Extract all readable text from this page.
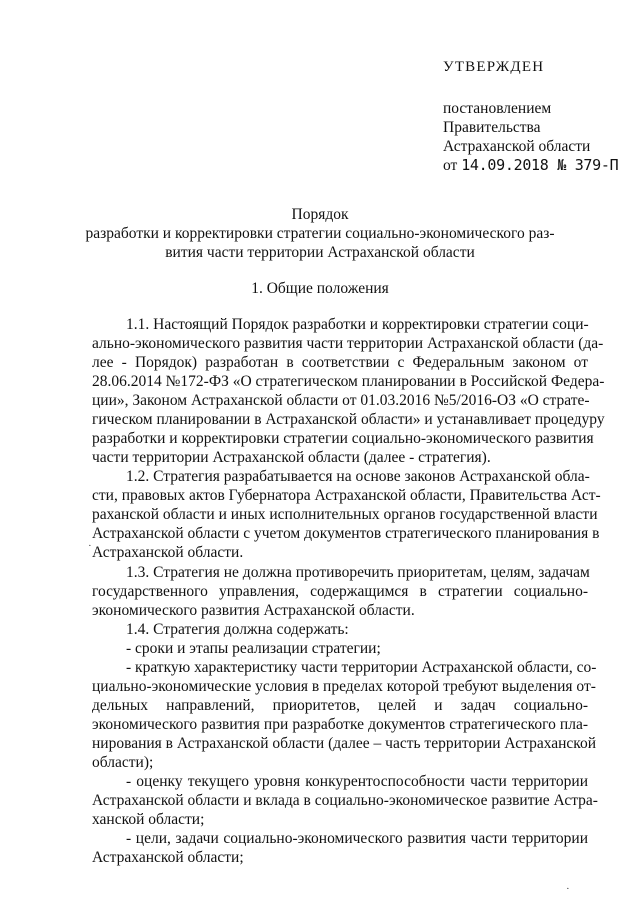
УТВЕРЖДЕН
постановлением
Правительства
Астраханской области
от 14.09.2018 № 379-П
Порядок
разработки и корректировки стратегии социально-экономического раз-
вития части территории Астраханской области
1. Общие положения
1.1. Настоящий Порядок разработки и корректировки стратегии соци-
ально-экономического развития части территории Астраханской области (да-
лее - Порядок) разработан в соответствии с Федеральным законом от
28.06.2014 №172-ФЗ «О стратегическом планировании в Российской Федера-
ции», Законом Астраханской области от 01.03.2016 №5/2016-ОЗ «О страте-
гическом планировании в Астраханской области» и устанавливает процедуру
разработки и корректировки стратегии социально-экономического развития
части территории Астраханской области (далее - стратегия).
1.2. Стратегия разрабатывается на основе законов Астраханской обла-
сти, правовых актов Губернатора Астраханской области, Правительства Аст-
раханской области и иных исполнительных органов государственной власти
Астраханской области с учетом документов стратегического планирования в
Астраханской области.
1.3. Стратегия не должна противоречить приоритетам, целям, задачам
государственного управления, содержащимся в стратегии социально-
экономического развития Астраханской области.
1.4. Стратегия должна содержать:
- сроки и этапы реализации стратегии;
- краткую характеристику части территории Астраханской области, со-
циально-экономические условия в пределах которой требуют выделения от-
дельных направлений, приоритетов, целей и задач социально-
экономического развития при разработке документов стратегического пла-
нирования в Астраханской области (далее – часть территории Астраханской
области);
- оценку текущего уровня конкурентоспособности части территории
Астраханской области и вклада в социально-экономическое развитие Астра-
ханской области;
- цели, задачи социально-экономического развития части территории
Астраханской области;
·
·
